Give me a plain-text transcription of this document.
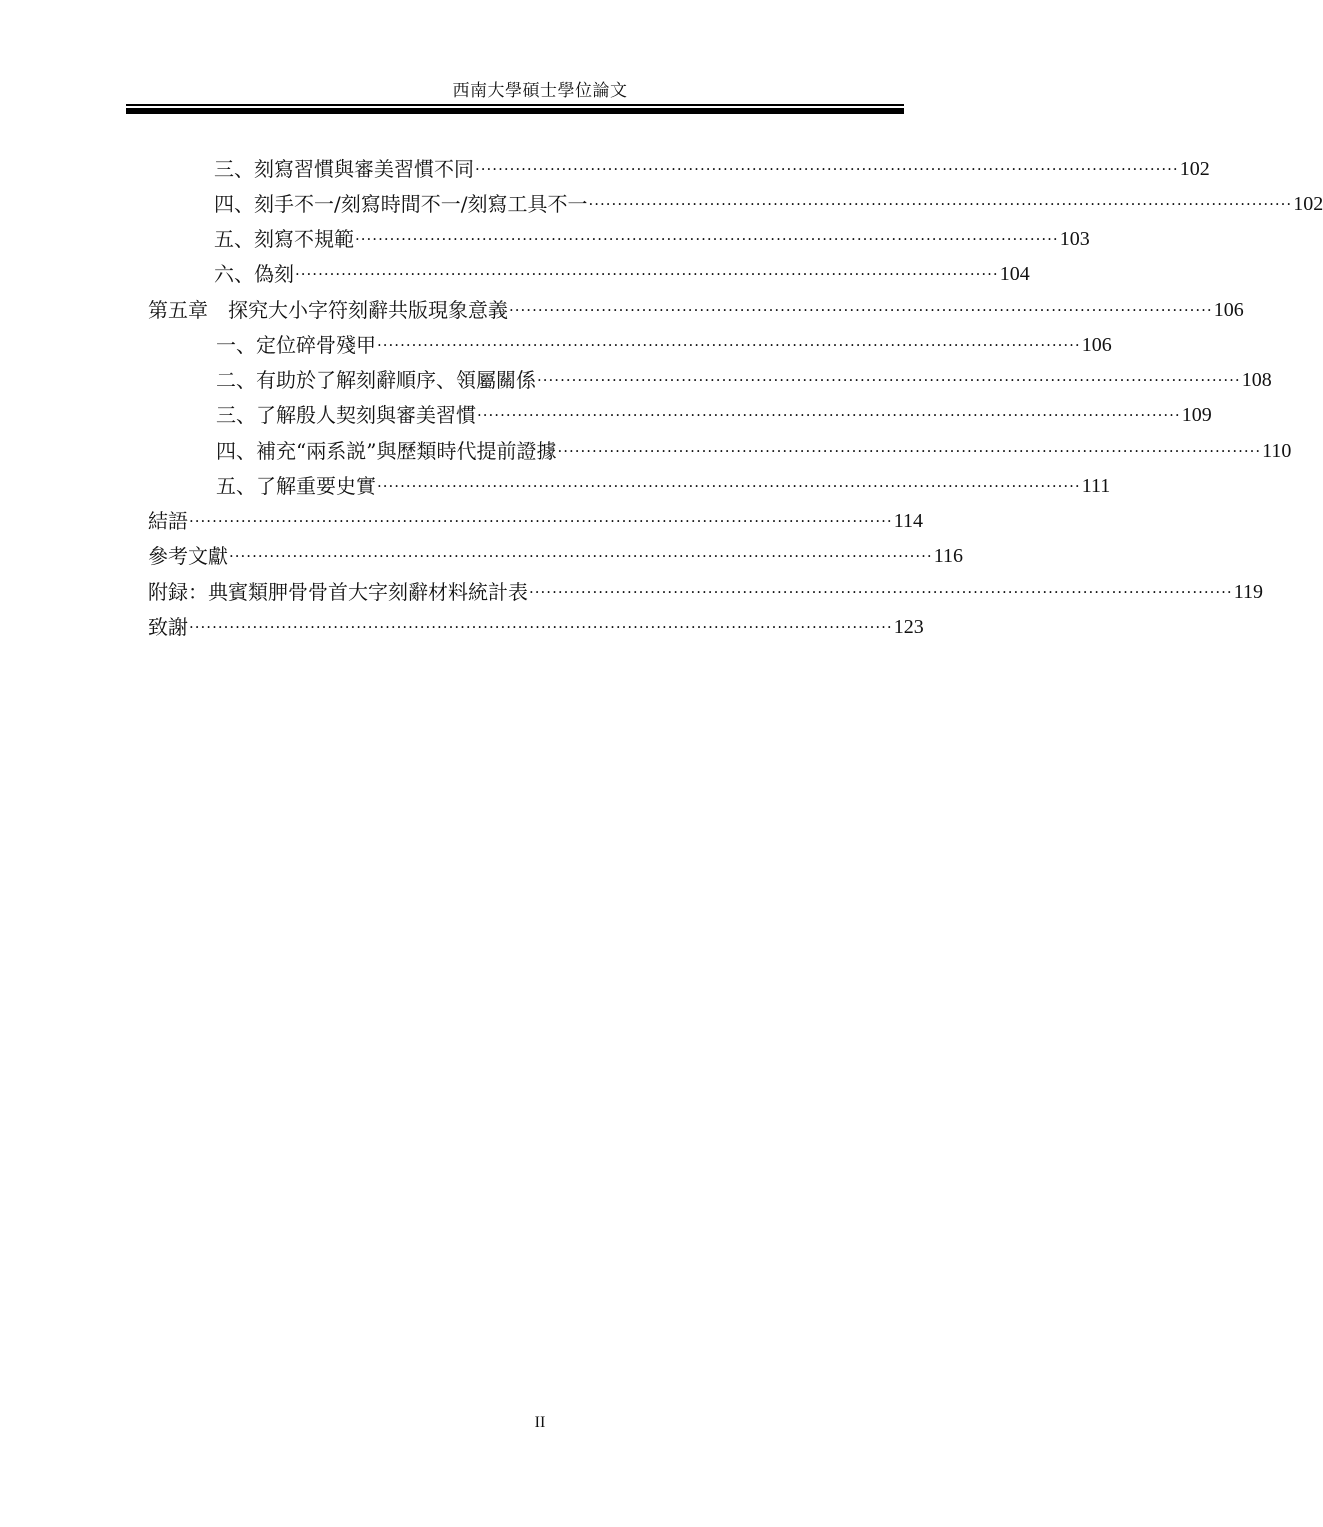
西南大學碩士學位論文
三、刻寫習慣與審美習慣不同 ·························································································································· 102
四、刻手不一/刻寫時間不一/刻寫工具不一 ·························································································································· 102
五、刻寫不規範 ·························································································································· 103
六、偽刻 ·························································································································· 104
第五章　探究大小字符刻辭共版現象意義 ·························································································································· 106
一、定位碎骨殘甲 ·························································································································· 106
二、有助於了解刻辭順序、領屬關係 ·························································································································· 108
三、了解殷人契刻與審美習慣 ·························································································································· 109
四、補充“兩系説”與歷類時代提前證據 ·························································································································· 110
五、了解重要史實 ·························································································································· 111
結語 ·························································································································· 114
參考文獻 ·························································································································· 116
附録：典賓類胛骨骨首大字刻辭材料統計表 ·························································································································· 119
致謝 ·························································································································· 123
II
